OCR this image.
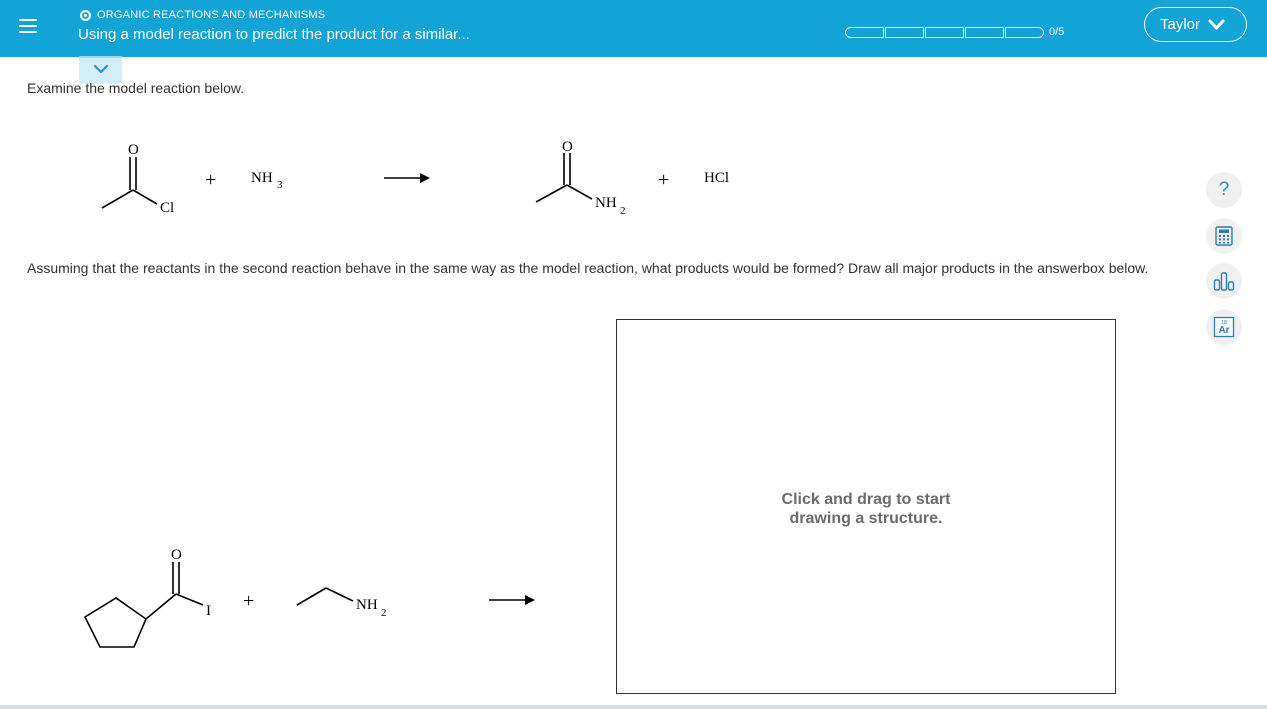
ORGANIC REACTIONS AND MECHANISMS
Using a model reaction to predict the product for a similar...	0/5	Taylor
Examine the model reaction below.
O
Cl
+ NH 3
O
NH 2
+ HCl
O
I +	NH 2
Assuming that the reactants in the second reaction behave in the same way as the model reaction, what products would be formed? Draw all major products in the answerbox below.
Click and drag to start
drawing a structure.
?
18
Ar
